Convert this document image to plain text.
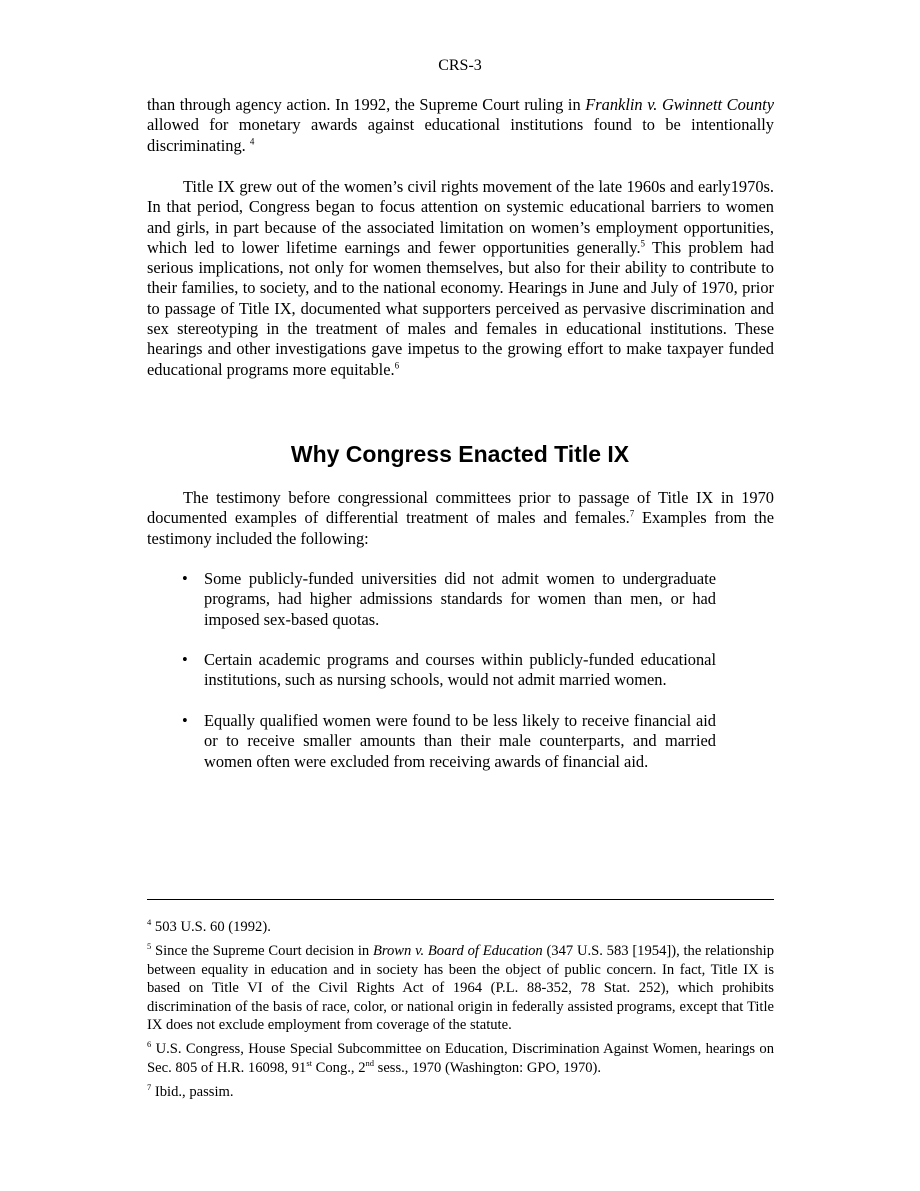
CRS-3

than through agency action. In 1992, the Supreme Court ruling in Franklin v. Gwinnett County allowed for monetary awards against educational institutions found to be intentionally discriminating. $^4$

Title IX grew out of the women’s civil rights movement of the late 1960s and early1970s. In that period, Congress began to focus attention on systemic educational barriers to women and girls, in part because of the associated limitation on women’s employment opportunities, which led to lower lifetime earnings and fewer opportunities generally.$^5$ This problem had serious implications, not only for women themselves, but also for their ability to contribute to their families, to society, and to the national economy. Hearings in June and July of 1970, prior to passage of Title IX, documented what supporters perceived as pervasive discrimination and sex stereotyping in the treatment of males and females in educational institutions. These hearings and other investigations gave impetus to the growing effort to make taxpayer funded educational programs more equitable.$^6$

Why Congress Enacted Title IX

The testimony before congressional committees prior to passage of Title IX in 1970 documented examples of differential treatment of males and females.$^7$ Examples from the testimony included the following:

• Some publicly-funded universities did not admit women to undergraduate programs, had higher admissions standards for women than men, or had imposed sex-based quotas.
• Certain academic programs and courses within publicly-funded educational institutions, such as nursing schools, would not admit married women.
• Equally qualified women were found to be less likely to receive financial aid or to receive smaller amounts than their male counterparts, and married women often were excluded from receiving awards of financial aid.

$^4$ 503 U.S. 60 (1992).

$^5$ Since the Supreme Court decision in Brown v. Board of Education (347 U.S. 583 [1954]), the relationship between equality in education and in society has been the object of public concern. In fact, Title IX is based on Title VI of the Civil Rights Act of 1964 (P.L. 88-352, 78 Stat. 252), which prohibits discrimination of the basis of race, color, or national origin in federally assisted programs, except that Title IX does not exclude employment from coverage of the statute.

$^6$ U.S. Congress, House Special Subcommittee on Education, Discrimination Against Women, hearings on Sec. 805 of H.R. 16098, 91st Cong., 2nd sess., 1970 (Washington: GPO, 1970).

$^7$ Ibid., passim.
